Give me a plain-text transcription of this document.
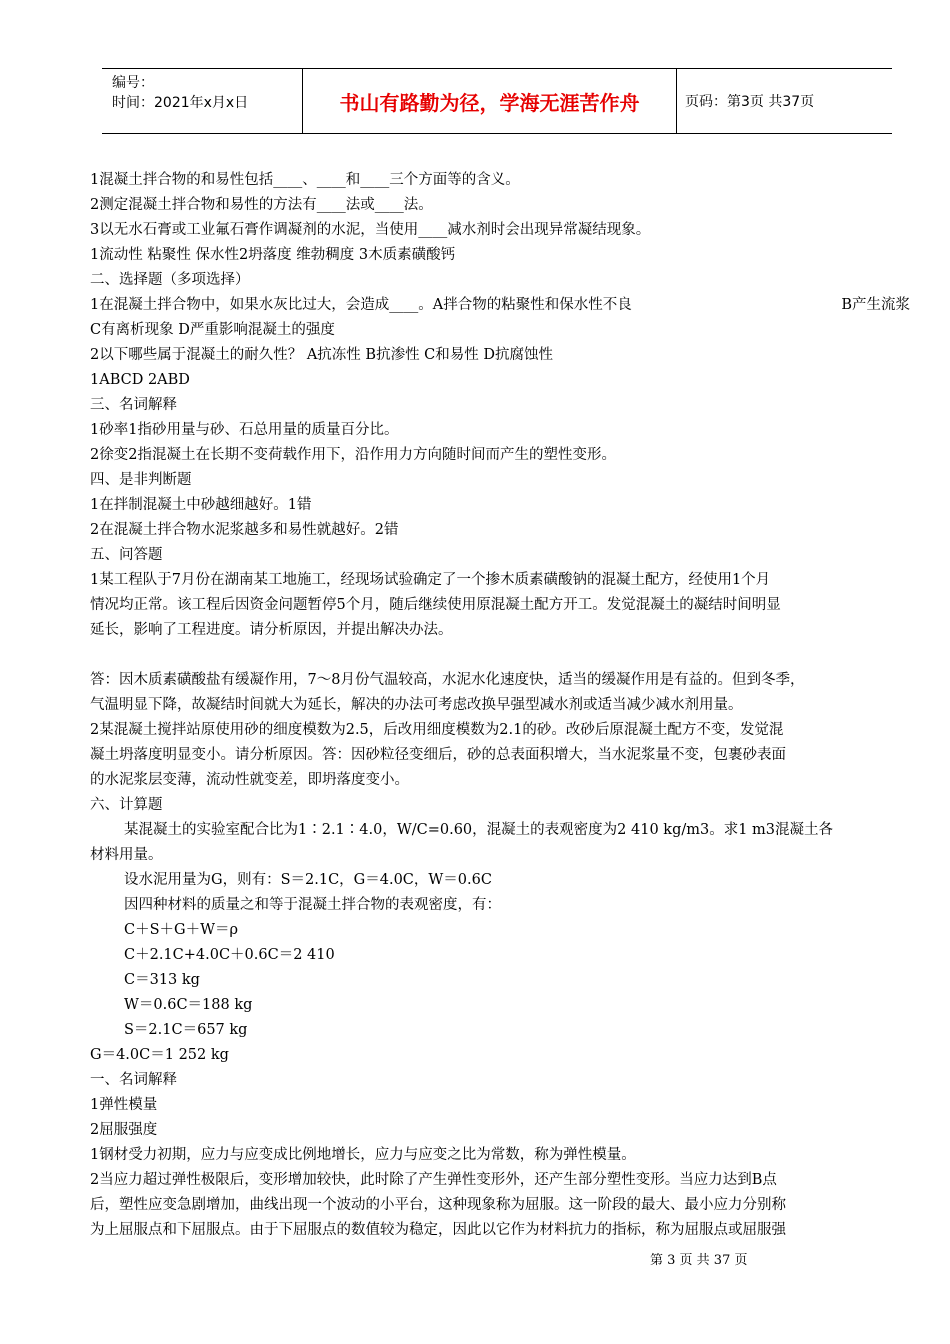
编号：
时间：2021年x月x日	书山有路勤为径，学海无涯苦作舟	页码：第3页 共37页

1混凝土拌合物的和易性包括____、____和____三个方面等的含义。

2测定混凝土拌合物和易性的方法有____法或____法。

3以无水石膏或工业氟石膏作调凝剂的水泥，当使用____减水剂时会出现异常凝结现象。

1流动性 粘聚性 保水性2坍落度 维勃稠度 3木质素磺酸钙

二、选择题（多项选择）

1在混凝土拌合物中，如果水灰比过大，会造成____。A拌合物的粘聚性和保水性不良	B产生流浆

C有离析现象 D严重影响混凝土的强度

2以下哪些属于混凝土的耐久性？ A抗冻性 B抗渗性 C和易性 D抗腐蚀性

1ABCD 2ABD

三、名词解释

1砂率1指砂用量与砂、石总用量的质量百分比。

2徐变2指混凝土在长期不变荷载作用下，沿作用力方向随时间而产生的塑性变形。

四、是非判断题

1在拌制混凝土中砂越细越好。1错

2在混凝土拌合物水泥浆越多和易性就越好。2错

五、问答题

1某工程队于7月份在湖南某工地施工，经现场试验确定了一个掺木质素磺酸钠的混凝土配方，经使用1个月

情况均正常。该工程后因资金问题暂停5个月，随后继续使用原混凝土配方开工。发觉混凝土的凝结时间明显

延长，影响了工程进度。请分析原因，并提出解决办法。

答：因木质素磺酸盐有缓凝作用，7～8月份气温较高，水泥水化速度快，适当的缓凝作用是有益的。但到冬季，

气温明显下降，故凝结时间就大为延长，解决的办法可考虑改换早强型减水剂或适当减少减水剂用量。

2某混凝土搅拌站原使用砂的细度模数为2.5，后改用细度模数为2.1的砂。改砂后原混凝土配方不变，发觉混

凝土坍落度明显变小。请分析原因。答：因砂粒径变细后，砂的总表面积增大，当水泥浆量不变，包裹砂表面

的水泥浆层变薄，流动性就变差，即坍落度变小。

六、计算题

某混凝土的实验室配合比为1∶2.1∶4.0，W/C=0.60，混凝土的表观密度为2 410 kg/m3。求1 m3混凝土各

材料用量。

设水泥用量为G，则有：S＝2.1C，G＝4.0C，W＝0.6C

因四种材料的质量之和等于混凝土拌合物的表观密度，有：

C＋S＋G＋W＝ρ

C＋2.1C+4.0C＋0.6C＝2 410

C＝313 kg

W＝0.6C＝188 kg

S＝2.1C＝657 kg

G＝4.0C＝1 252 kg

一、名词解释

1弹性模量

2屈服强度

1钢材受力初期，应力与应变成比例地增长，应力与应变之比为常数，称为弹性模量。

2当应力超过弹性极限后，变形增加较快，此时除了产生弹性变形外，还产生部分塑性变形。当应力达到B点

后，塑性应变急剧增加，曲线出现一个波动的小平台，这种现象称为屈服。这一阶段的最大、最小应力分别称

为上屈服点和下屈服点。由于下屈服点的数值较为稳定，因此以它作为材料抗力的指标，称为屈服点或屈服强

第 3 页 共 37 页
